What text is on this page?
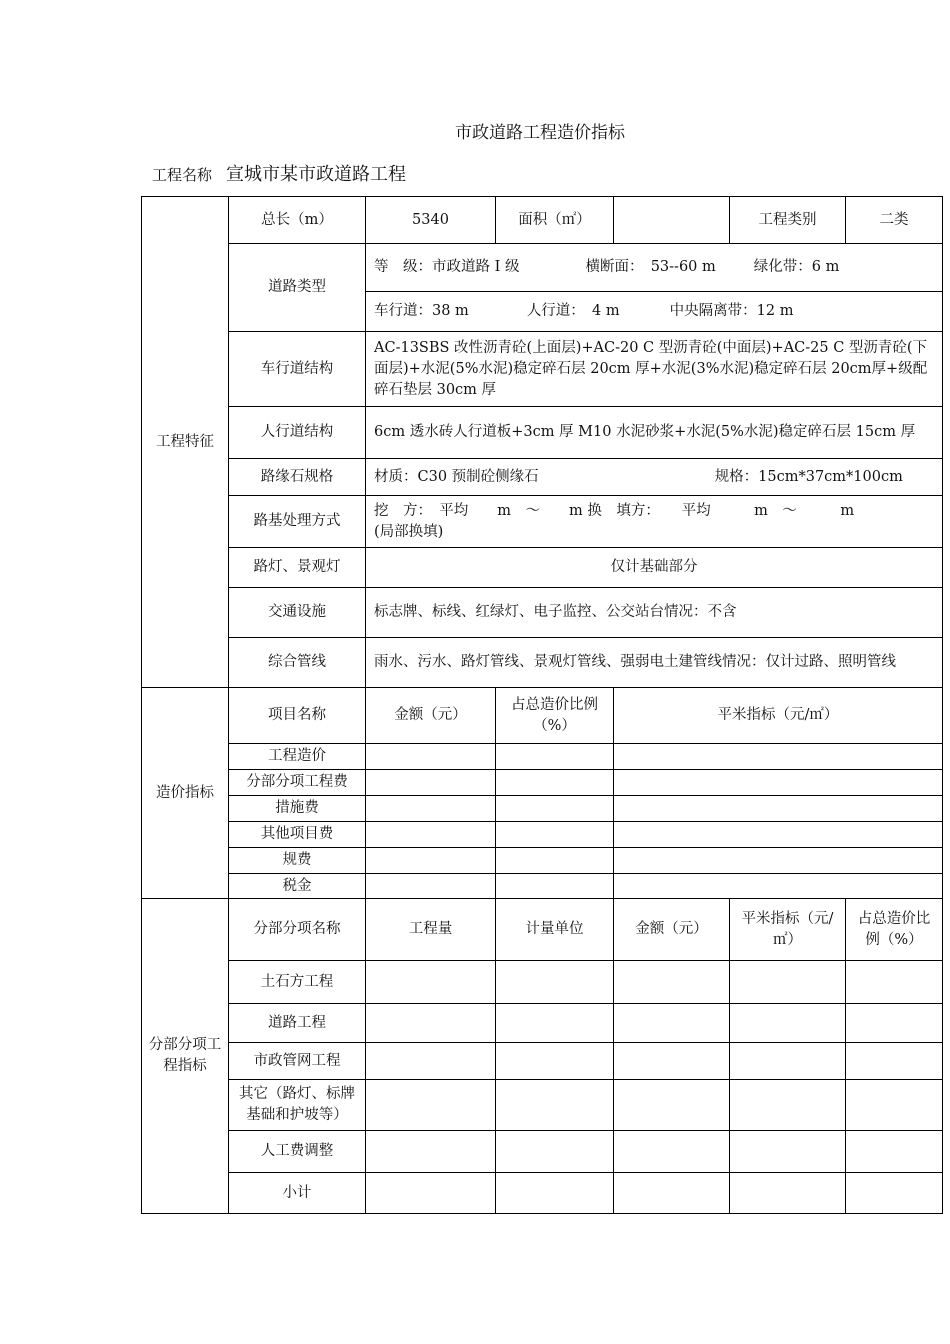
市政道路工程造价指标
工程名称 宣城市某市政道路工程
工程特征	总长（m）	5340	面积（㎡）		工程类别	二类
	道路类型	等　级：市政道路 Ⅰ 级 横断面：　53--60 m 绿化带：6 m				
		车行道：38 m 人行道：　4 m 中央隔离带：12 m				
	车行道结构	AC-13SBS 改性沥青砼(上面层)+AC-20 C 型沥青砼(中面层)+AC-25 C 型沥青砼(下面层)+水泥(5%水泥)稳定碎石层 20cm 厚+水泥(3%水泥)稳定碎石层 20cm厚+级配碎石垫层 30cm 厚				
	人行道结构	6cm 透水砖人行道板+3cm 厚 M10 水泥砂浆+水泥(5%水泥)稳定碎石层 15cm 厚				
	路缘石规格	材质：C30 预制砼侧缘石 规格：15cm*37cm*100cm				
	路基处理方式	挖　方：　平均　　m　～　　m 换　填方：　　平均　　　m　～　　　m
(局部换填)				

	路灯、景观灯	仅计基础部分				
	交通设施	标志牌、标线、红绿灯、电子监控、公交站台情况：不含				
	综合管线	雨水、污水、路灯管线、景观灯管线、强弱电土建管线情况：仅计过路、照明管线				
造价指标	项目名称	金额（元）	占总造价比例（%）	平米指标（元/㎡）		
	工程造价					
	分部分项工程费					
	措施费					
	其他项目费					
	规费					
	税金					
分部分项工程指标	分部分项名称	工程量	计量单位	金额（元）	平米指标（元/㎡）	占总造价比例（%）
	土石方工程					
	道路工程					
	市政管网工程					
	其它（路灯、标牌基础和护坡等）					
	人工费调整					
	小计					
